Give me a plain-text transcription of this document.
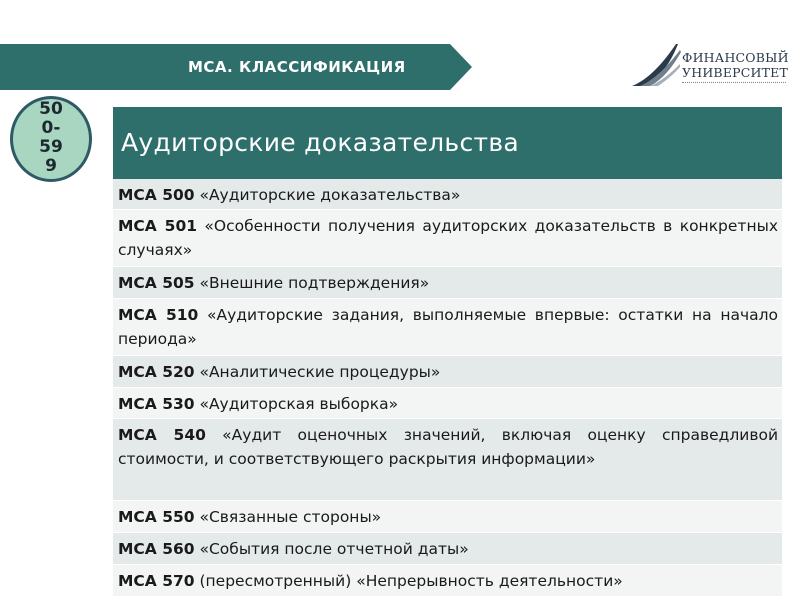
МСА. КЛАССИФИКАЦИЯ
ФИНАНСОВЫЙ
УНИВЕРСИТЕТ
50
0-
59
9
Аудиторские доказательства
МСА 500 «Аудиторские доказательства»
МСА 501 «Особенности получения аудиторских доказательств в конкретных случаях»
МСА 505 «Внешние подтверждения»
МСА 510 «Аудиторские задания, выполняемые впервые: остатки на начало периода»
МСА 520 «Аналитические процедуры»
МСА 530 «Аудиторская выборка»
МСА 540 «Аудит оценочных значений, включая оценку справедливой стоимости, и соответствующего раскрытия информации»
МСА 550 «Связанные стороны»
МСА 560 «События после отчетной даты»
МСА 570 (пересмотренный) «Непрерывность деятельности»
